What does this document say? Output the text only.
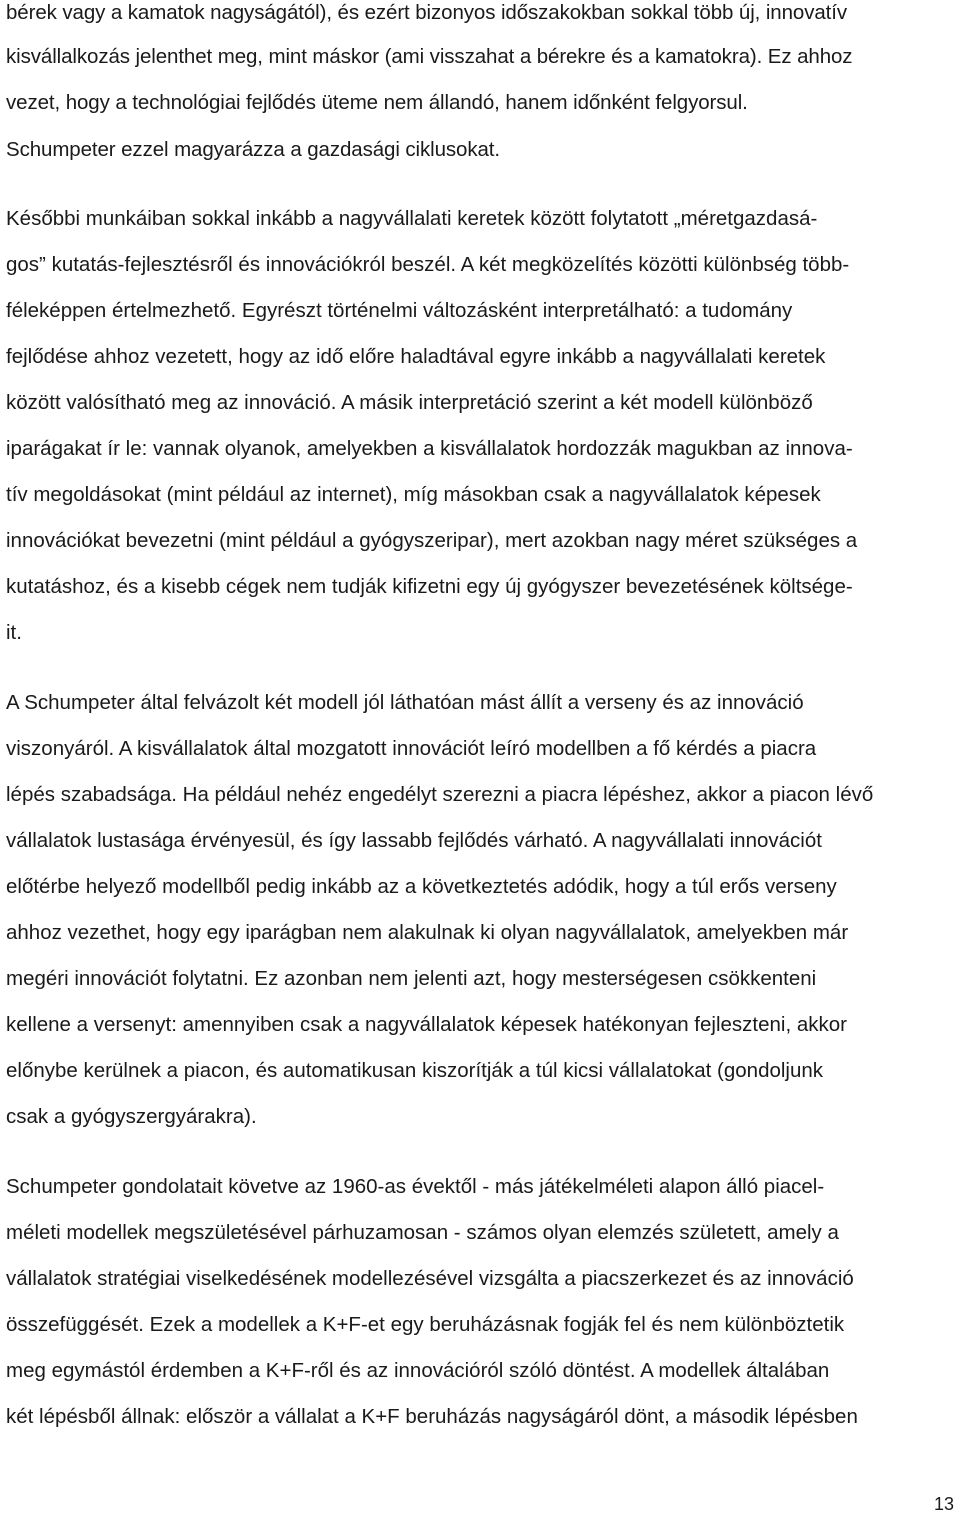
bérek vagy a kamatok nagyságától), és ezért bizonyos időszakokban sokkal több új, innovatív
kisvállalkozás jelenthet meg, mint máskor (ami visszahat a bérekre és a kamatokra). Ez ahhoz
vezet, hogy a technológiai fejlődés üteme nem állandó, hanem időnként felgyorsul.
Schumpeter ezzel magyarázza a gazdasági ciklusokat.
Későbbi munkáiban sokkal inkább a nagyvállalati keretek között folytatott „méretgazdasá-
gos” kutatás-fejlesztésről és innovációkról beszél. A két megközelítés közötti különbség több-
féleképpen értelmezhető. Egyrészt történelmi változásként interpretálható: a tudomány
fejlődése ahhoz vezetett, hogy az idő előre haladtával egyre inkább a nagyvállalati keretek
között valósítható meg az innováció. A másik interpretáció szerint a két modell különböző
iparágakat ír le: vannak olyanok, amelyekben a kisvállalatok hordozzák magukban az innova-
tív megoldásokat (mint például az internet), míg másokban csak a nagyvállalatok képesek
innovációkat bevezetni (mint például a gyógyszeripar), mert azokban nagy méret szükséges a
kutatáshoz, és a kisebb cégek nem tudják kifizetni egy új gyógyszer bevezetésének költsége-
it.
A Schumpeter által felvázolt két modell jól láthatóan mást állít a verseny és az innováció
viszonyáról. A kisvállalatok által mozgatott innovációt leíró modellben a fő kérdés a piacra
lépés szabadsága. Ha például nehéz engedélyt szerezni a piacra lépéshez, akkor a piacon lévő
vállalatok lustasága érvényesül, és így lassabb fejlődés várható. A nagyvállalati innovációt
előtérbe helyező modellből pedig inkább az a következtetés adódik, hogy a túl erős verseny
ahhoz vezethet, hogy egy iparágban nem alakulnak ki olyan nagyvállalatok, amelyekben már
megéri innovációt folytatni. Ez azonban nem jelenti azt, hogy mesterségesen csökkenteni
kellene a versenyt: amennyiben csak a nagyvállalatok képesek hatékonyan fejleszteni, akkor
előnybe kerülnek a piacon, és automatikusan kiszorítják a túl kicsi vállalatokat (gondoljunk
csak a gyógyszergyárakra).
Schumpeter gondolatait követve az 1960-as évektől - más játékelméleti alapon álló piacel-
méleti modellek megszületésével párhuzamosan - számos olyan elemzés született, amely a
vállalatok stratégiai viselkedésének modellezésével vizsgálta a piacszerkezet és az innováció
összefüggését. Ezek a modellek a K+F-et egy beruházásnak fogják fel és nem különböztetik
meg egymástól érdemben a K+F-ről és az innovációról szóló döntést. A modellek általában
két lépésből állnak: először a vállalat a K+F beruházás nagyságáról dönt, a második lépésben
13
